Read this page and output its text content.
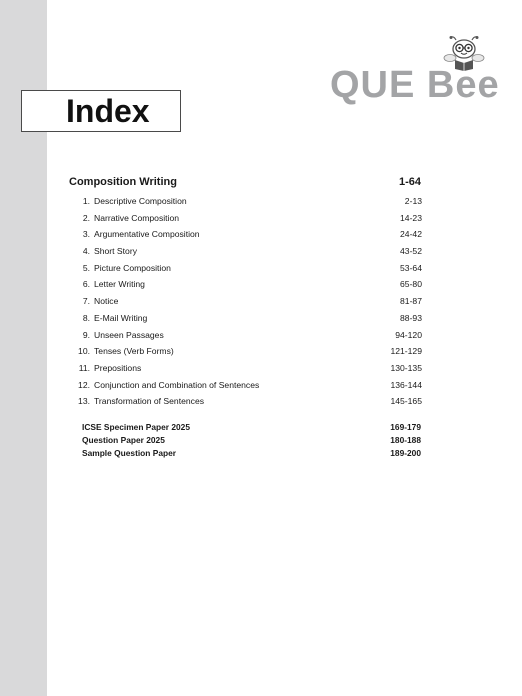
QUE Bee
Index
Composition Writing	1-64
1. Descriptive Composition	2-13
2. Narrative Composition	14-23
3. Argumentative Composition	24-42
4. Short Story	43-52
5. Picture Composition	53-64
6. Letter Writing	65-80
7. Notice	81-87
8. E-Mail Writing	88-93
9. Unseen Passages	94-120
10. Tenses (Verb Forms)	121-129
11. Prepositions	130-135
12. Conjunction and Combination of Sentences	136-144
13. Transformation of Sentences	145-165
ICSE Specimen Paper 2025	169-179
Question Paper 2025	180-188
Sample Question Paper	189-200
